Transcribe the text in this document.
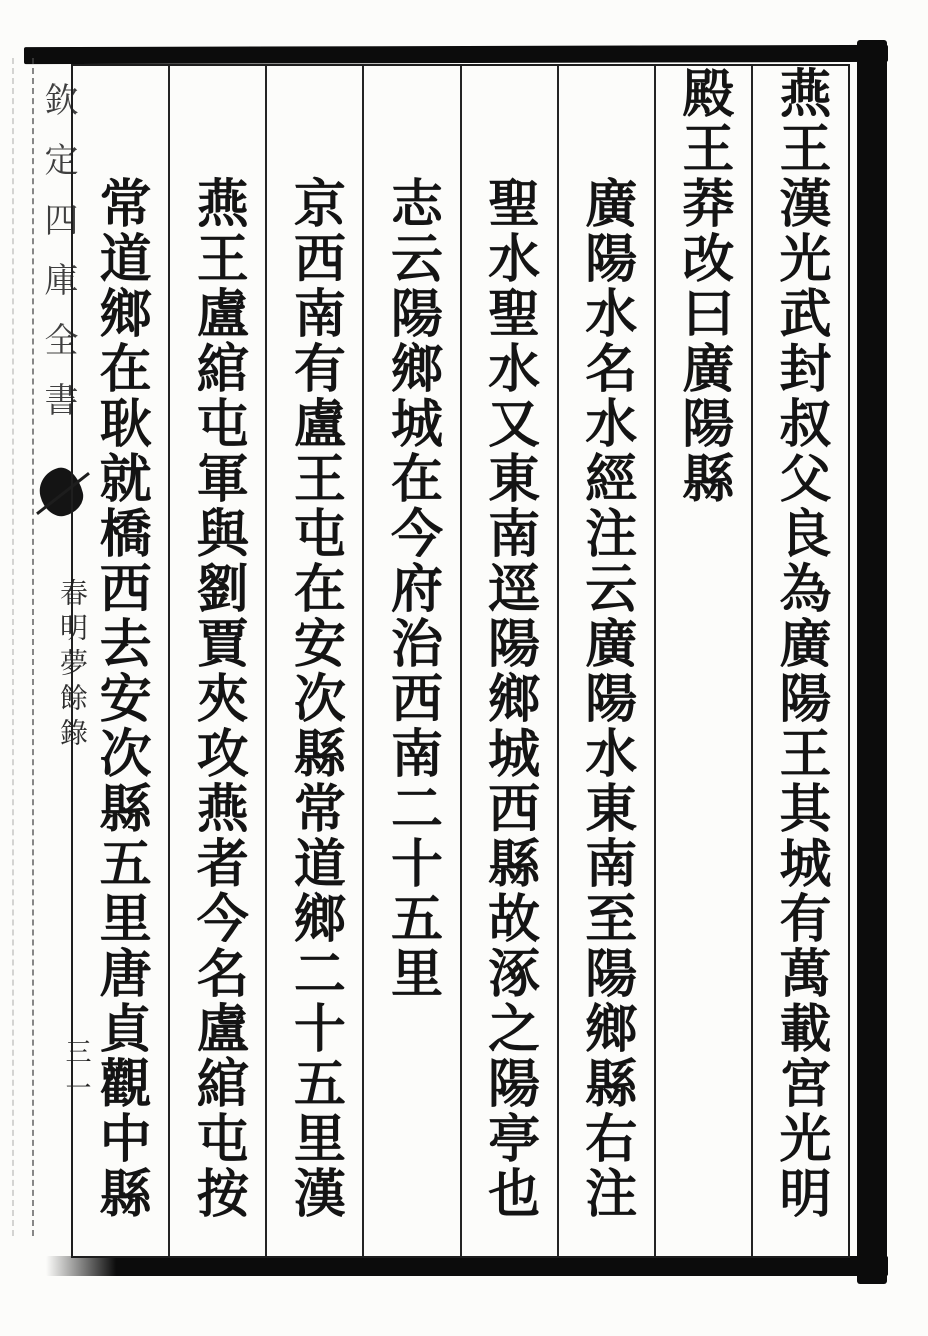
欽定四庫全書
春明夢餘錄
三一	燕王漢光武封叔父良為廣陽王其城有萬載宮光明
殿王莽改曰廣陽縣
廣陽水名水經注云廣陽水東南至陽鄉縣右注
聖水聖水又東南逕陽鄉城西縣故涿之陽亭也
志云陽鄉城在今府治西南二十五里
京西南有盧王屯在安次縣常道鄉二十五里漢
燕王盧綰屯軍與劉賈夾攻燕者今名盧綰屯按
常道鄉在耿就橋西去安次縣五里唐貞觀中縣
